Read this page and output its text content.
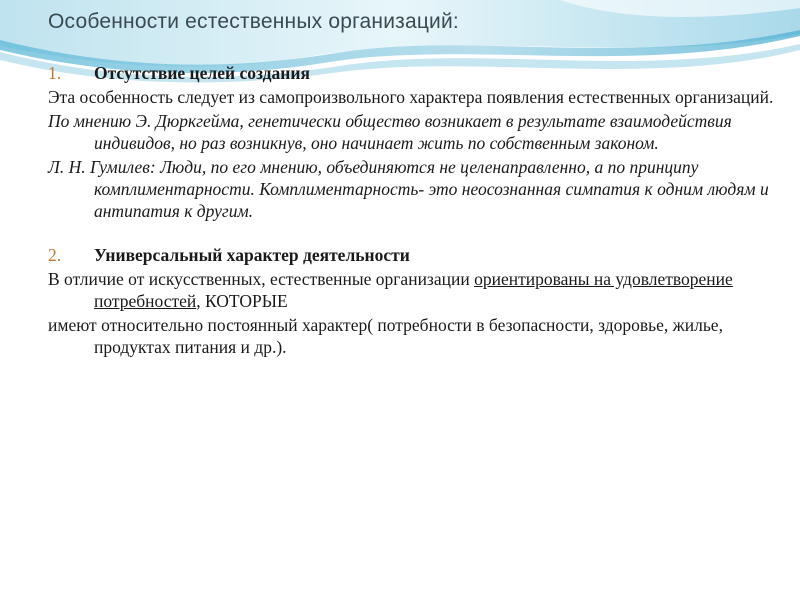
Особенности естественных организаций:

1. Отсутствие целей создания

Эта особенность следует из самопроизвольного характера появления естественных организаций.

По мнению Э. Дюркгейма, генетически общество возникает в результате взаимодействия индивидов, но раз возникнув, оно начинает жить по собственным законом.

Л. Н. Гумилев: Люди, по его мнению, объединяются не целенаправленно, а по принципу комплиментарности. Комплиментарность- это неосознанная симпатия к одним людям и антипатия к другим.

2. Универсальный характер деятельности

В отличие от искусственных, естественные организации ориентированы на удовлетворение потребностей, КОТОРЫЕ

имеют относительно постоянный характер( потребности в безопасности, здоровье, жилье, продуктах питания и др.).
